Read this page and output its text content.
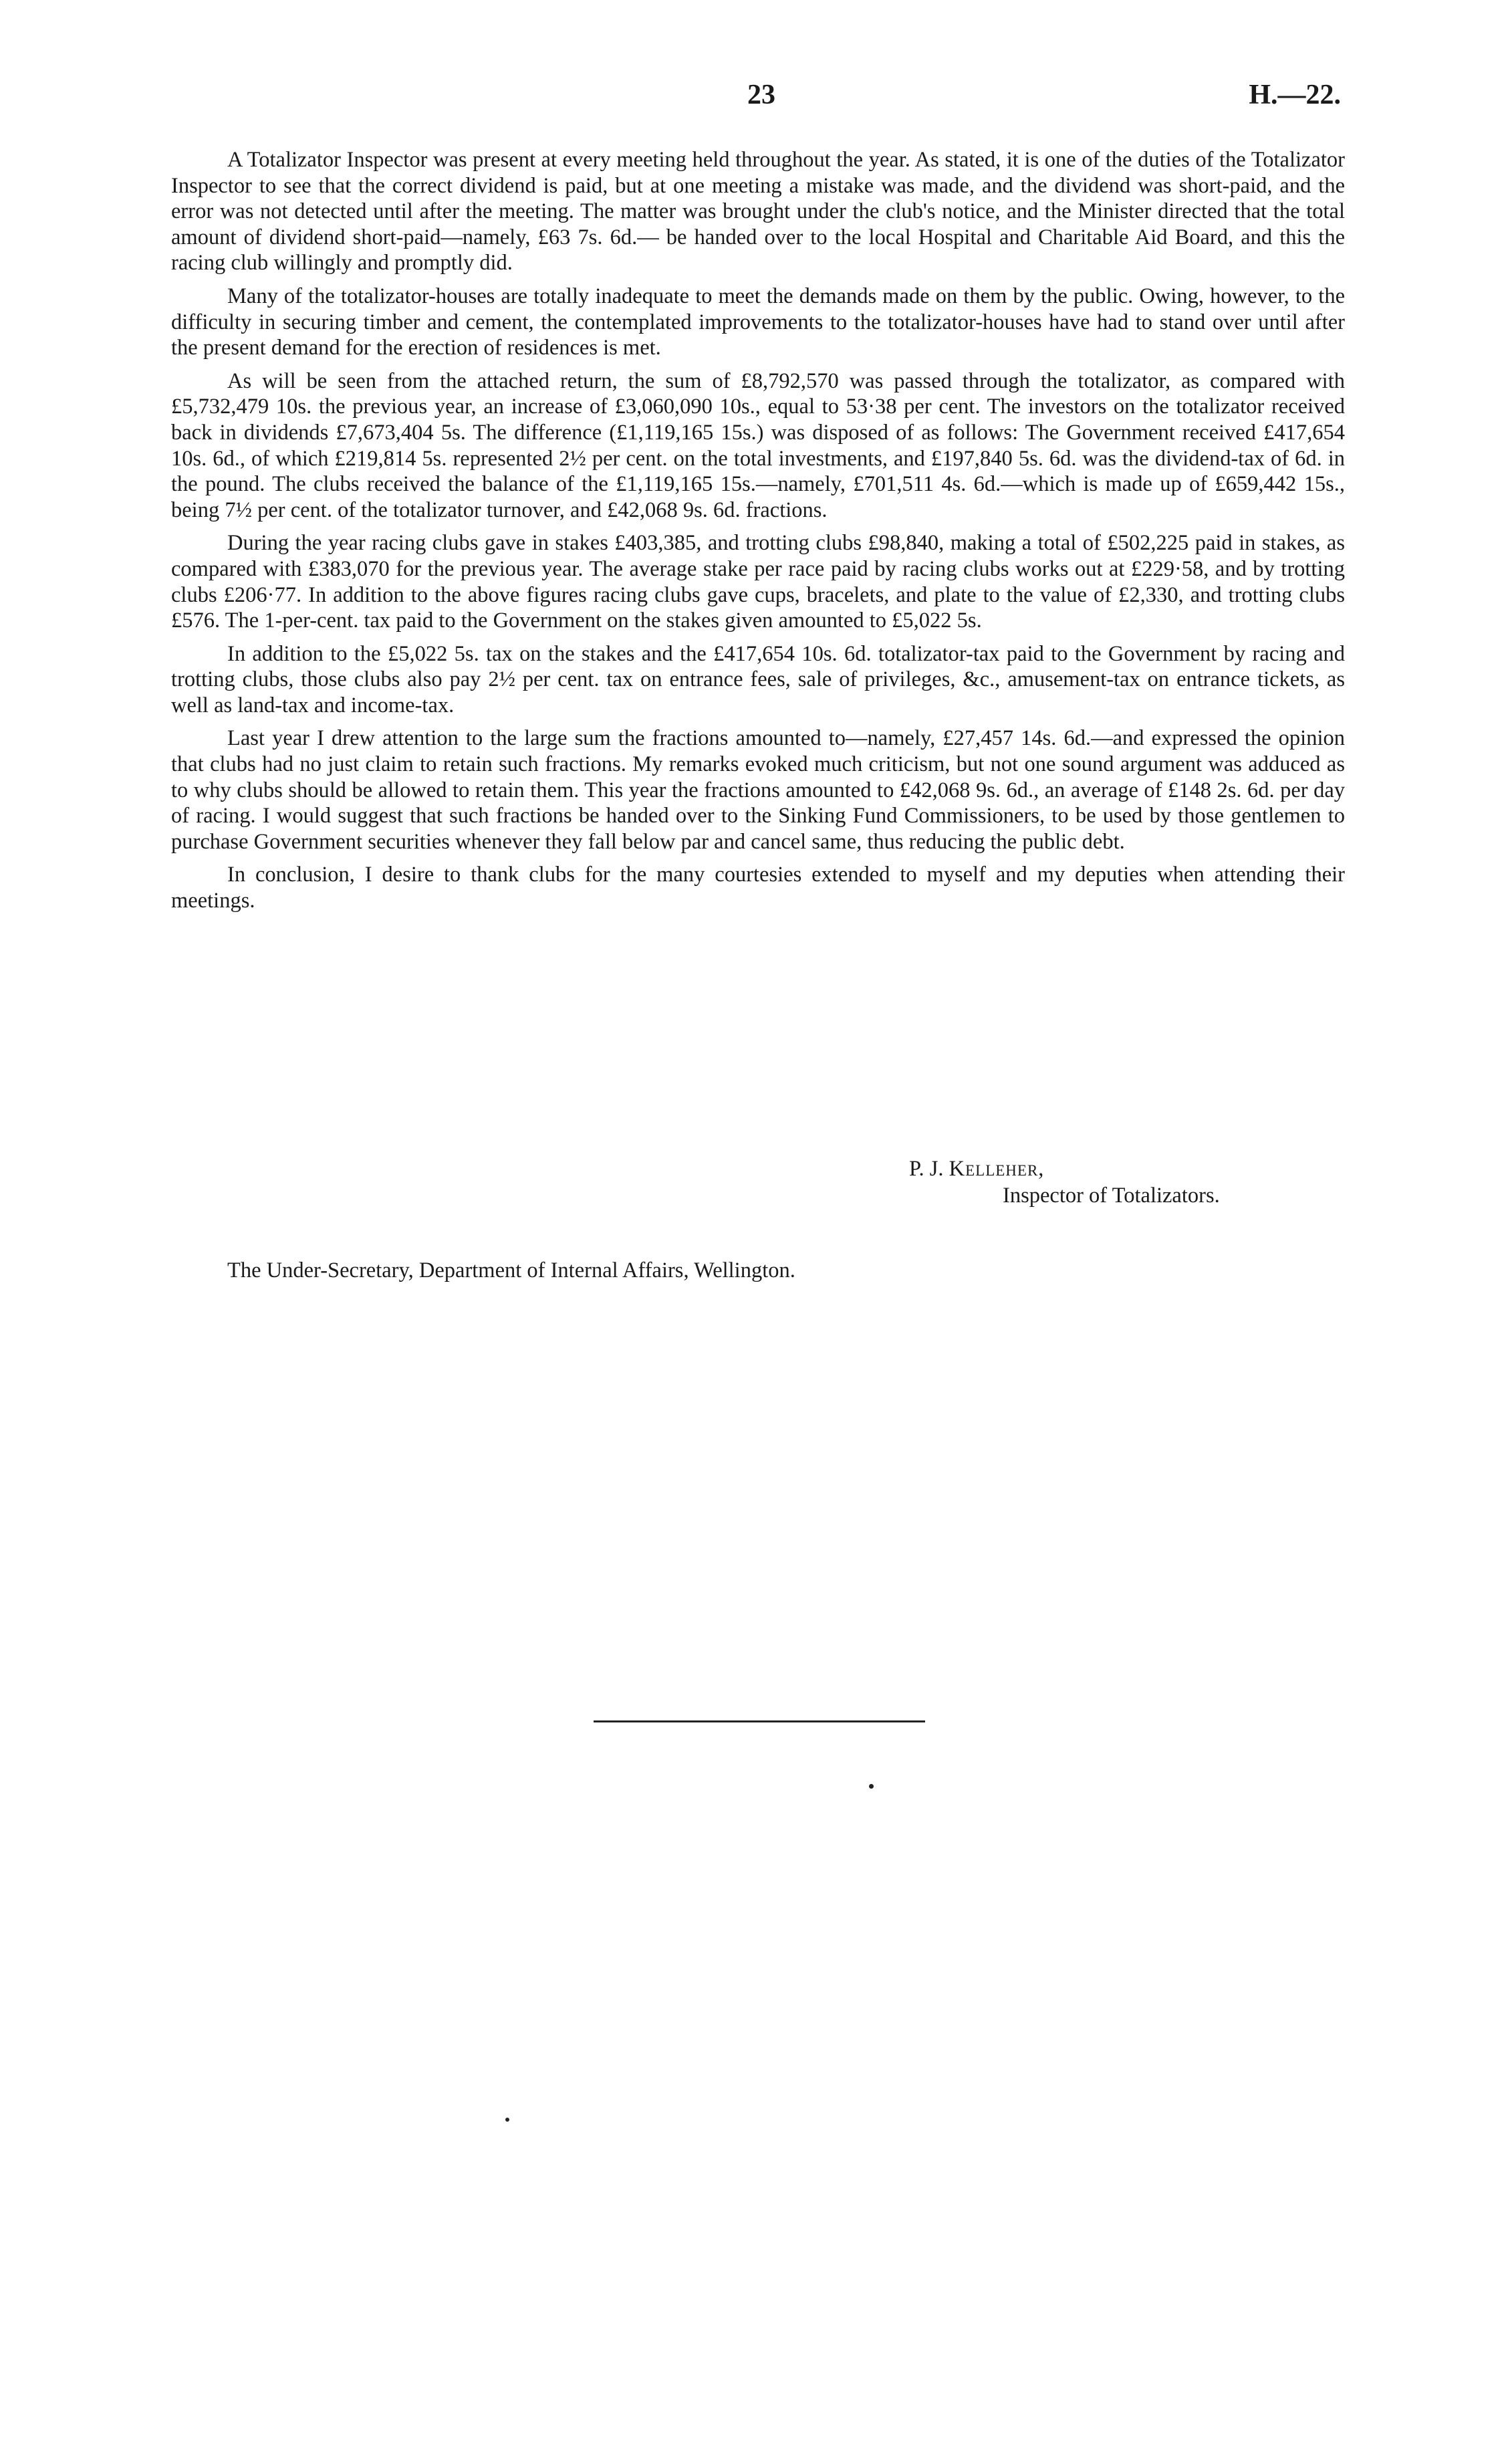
23	H.—22.

A Totalizator Inspector was present at every meeting held throughout the year. As stated, it is one of the duties of the Totalizator Inspector to see that the correct dividend is paid, but at one meeting a mistake was made, and the dividend was short-paid, and the error was not detected until after the meeting. The matter was brought under the club's notice, and the Minister directed that the total amount of dividend short-paid—namely, £63 7s. 6d.— be handed over to the local Hospital and Charitable Aid Board, and this the racing club willingly and promptly did.

Many of the totalizator-houses are totally inadequate to meet the demands made on them by the public. Owing, however, to the difficulty in securing timber and cement, the contemplated improvements to the totalizator-houses have had to stand over until after the present demand for the erection of residences is met.

As will be seen from the attached return, the sum of £8,792,570 was passed through the totalizator, as compared with £5,732,479 10s. the previous year, an increase of £3,060,090 10s., equal to 53·38 per cent. The investors on the totalizator received back in dividends £7,673,404 5s. The difference (£1,119,165 15s.) was disposed of as follows: The Government received £417,654 10s. 6d., of which £219,814 5s. represented 2½ per cent. on the total investments, and £197,840 5s. 6d. was the dividend-tax of 6d. in the pound. The clubs received the balance of the £1,119,165 15s.—namely, £701,511 4s. 6d.—which is made up of £659,442 15s., being 7½ per cent. of the totalizator turnover, and £42,068 9s. 6d. fractions.

During the year racing clubs gave in stakes £403,385, and trotting clubs £98,840, making a total of £502,225 paid in stakes, as compared with £383,070 for the previous year. The average stake per race paid by racing clubs works out at £229·58, and by trotting clubs £206·77. In addition to the above figures racing clubs gave cups, bracelets, and plate to the value of £2,330, and trotting clubs £576. The 1-per-cent. tax paid to the Government on the stakes given amounted to £5,022 5s.

In addition to the £5,022 5s. tax on the stakes and the £417,654 10s. 6d. totalizator-tax paid to the Government by racing and trotting clubs, those clubs also pay 2½ per cent. tax on entrance fees, sale of privileges, &c., amusement-tax on entrance tickets, as well as land-tax and income-tax.

Last year I drew attention to the large sum the fractions amounted to—namely, £27,457 14s. 6d.—and expressed the opinion that clubs had no just claim to retain such fractions. My remarks evoked much criticism, but not one sound argument was adduced as to why clubs should be allowed to retain them. This year the fractions amounted to £42,068 9s. 6d., an average of £148 2s. 6d. per day of racing. I would suggest that such fractions be handed over to the Sinking Fund Commissioners, to be used by those gentlemen to purchase Government securities whenever they fall below par and cancel same, thus reducing the public debt.

In conclusion, I desire to thank clubs for the many courtesies extended to myself and my deputies when attending their meetings.

P. J. Kelleher,
Inspector of Totalizators.
The Under-Secretary, Department of Internal Affairs, Wellington.
